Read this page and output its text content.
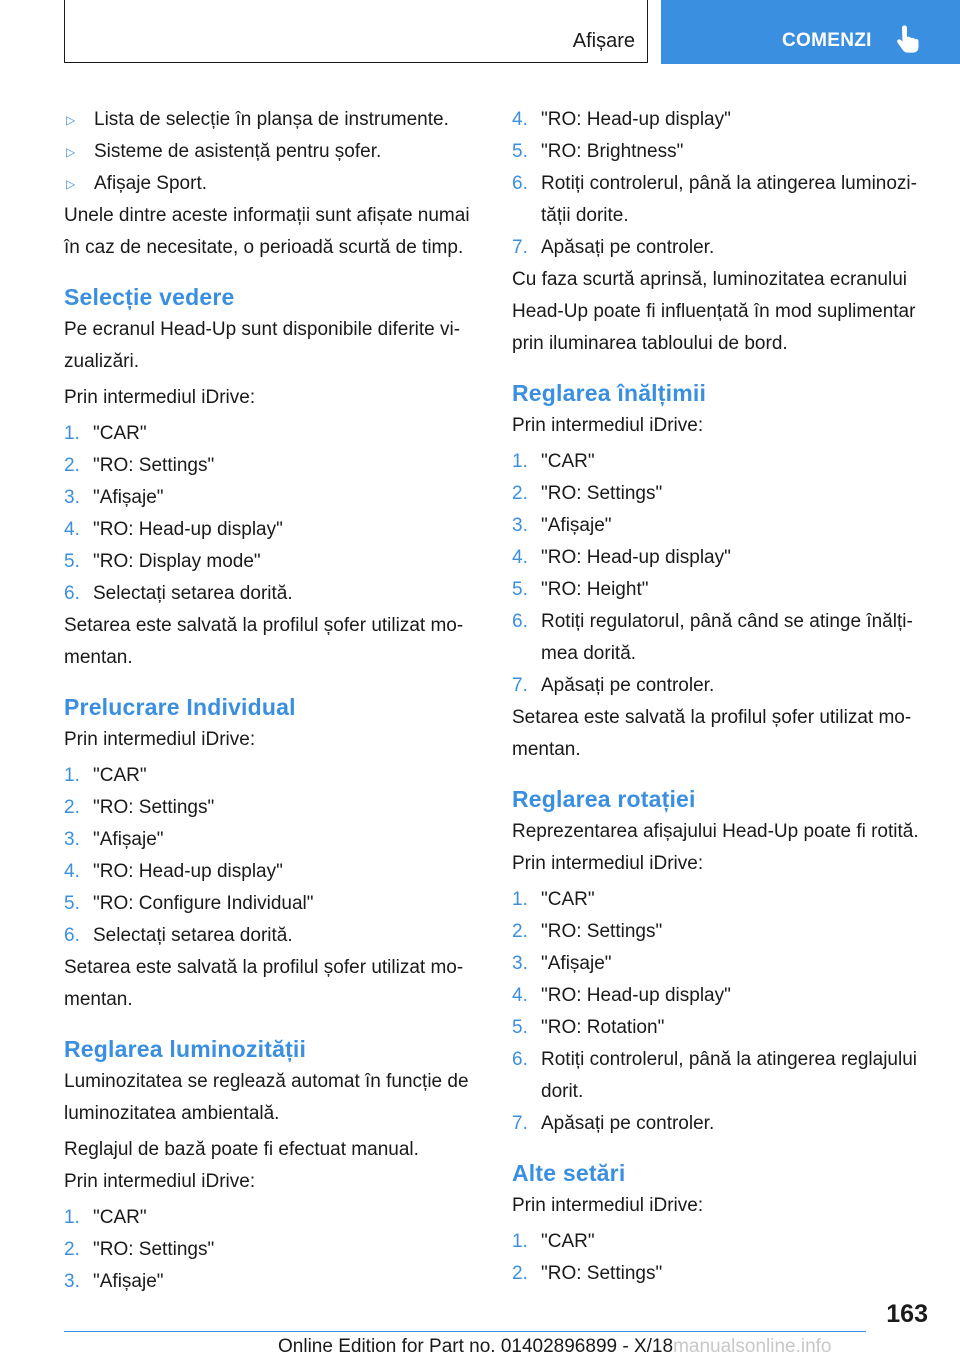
Afișare	COMENZI
▷ Lista de selecție în planșa de instrumente.
▷ Sisteme de asistență pentru șofer.
▷ Afișaje Sport.

Unele dintre aceste informații sunt afișate numai în caz de necesitate, o perioadă scurtă de timp.

Selecție vedere

Pe ecranul Head-Up sunt disponibile diferite vizualizări.

Prin intermediul iDrive:

1. "CAR"
2. "RO: Settings"
3. "Afișaje"
4. "RO: Head-up display"
5. "RO: Display mode"
6. Selectați setarea dorită.

Setarea este salvată la profilul șofer utilizat momentan.

Prelucrare Individual

Prin intermediul iDrive:

1. "CAR"
2. "RO: Settings"
3. "Afișaje"
4. "RO: Head-up display"
5. "RO: Configure Individual"
6. Selectați setarea dorită.

Setarea este salvată la profilul șofer utilizat momentan.

Reglarea luminozității

Luminozitatea se reglează automat în funcție de luminozitatea ambientală.

Reglajul de bază poate fi efectuat manual.

Prin intermediul iDrive:

1. "CAR"
2. "RO: Settings"
3. "Afișaje"
4. "RO: Head-up display"
5. "RO: Brightness"
6. Rotiți controlerul, până la atingerea luminozității dorite.
7. Apăsați pe controler.

Cu faza scurtă aprinsă, luminozitatea ecranului Head-Up poate fi influențată în mod suplimentar prin iluminarea tabloului de bord.

Reglarea înălțimii

Prin intermediul iDrive:

1. "CAR"
2. "RO: Settings"
3. "Afișaje"
4. "RO: Head-up display"
5. "RO: Height"
6. Rotiți regulatorul, până când se atinge înălțimea dorită.
7. Apăsați pe controler.

Setarea este salvată la profilul șofer utilizat momentan.

Reglarea rotației

Reprezentarea afișajului Head-Up poate fi rotită.

Prin intermediul iDrive:

1. "CAR"
2. "RO: Settings"
3. "Afișaje"
4. "RO: Head-up display"
5. "RO: Rotation"
6. Rotiți controlerul, până la atingerea reglajului dorit.
7. Apăsați pe controler.
Alte setări

Prin intermediul iDrive:

1. "CAR"
2. "RO: Settings"
163
Online Edition for Part no. 01402896899 - X/18manualsonline.info
